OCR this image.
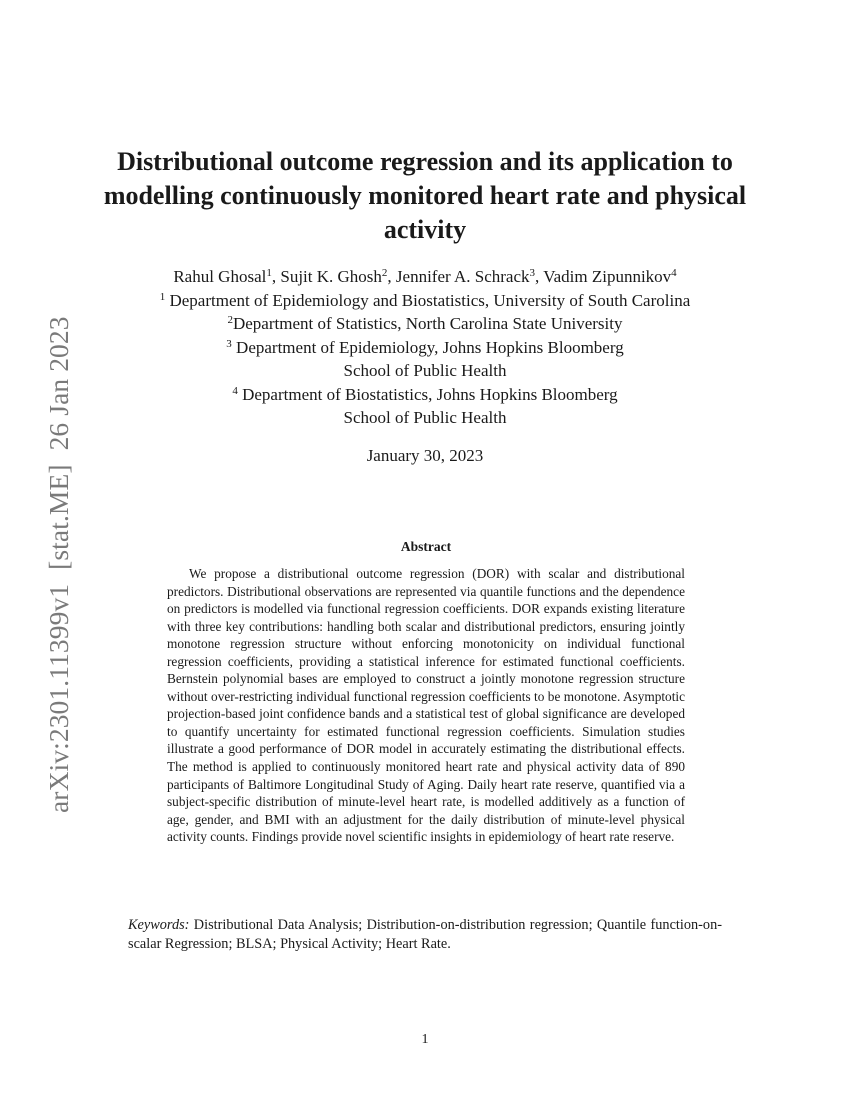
arXiv:2301.11399v1  [stat.ME]  26 Jan 2023
Distributional outcome regression and its application to modelling continuously monitored heart rate and physical activity
Rahul Ghosal$^1$, Sujit K. Ghosh$^2$, Jennifer A. Schrack$^3$, Vadim Zipunnikov$^4$
$^1$ Department of Epidemiology and Biostatistics, University of South Carolina
$^2$Department of Statistics, North Carolina State University
$^3$ Department of Epidemiology, Johns Hopkins Bloomberg
School of Public Health
$^4$ Department of Biostatistics, Johns Hopkins Bloomberg
School of Public Health
January 30, 2023
Abstract

We propose a distributional outcome regression (DOR) with scalar and distributional predictors. Distributional observations are represented via quantile functions and the dependence on predictors is modelled via functional regression coefficients. DOR expands existing literature with three key contributions: handling both scalar and distributional predictors, ensuring jointly monotone regression structure without enforcing monotonicity on individual functional regression coefficients, providing a statistical inference for estimated functional coefficients. Bernstein polynomial bases are employed to construct a jointly monotone regression structure without over-restricting individual functional regression coefficients to be monotone. Asymptotic projection-based joint confidence bands and a statistical test of global significance are developed to quantify uncertainty for estimated functional regression coefficients. Simulation studies illustrate a good performance of DOR model in accurately estimating the distributional effects. The method is applied to continuously monitored heart rate and physical activity data of 890 participants of Baltimore Longitudinal Study of Aging. Daily heart rate reserve, quantified via a subject-specific distribution of minute-level heart rate, is modelled additively as a function of age, gender, and BMI with an adjustment for the daily distribution of minute-level physical activity counts. Findings provide novel scientific insights in epidemiology of heart rate reserve.

Keywords: Distributional Data Analysis; Distribution-on-distribution regression; Quantile function-on-scalar Regression; BLSA; Physical Activity; Heart Rate.

1
